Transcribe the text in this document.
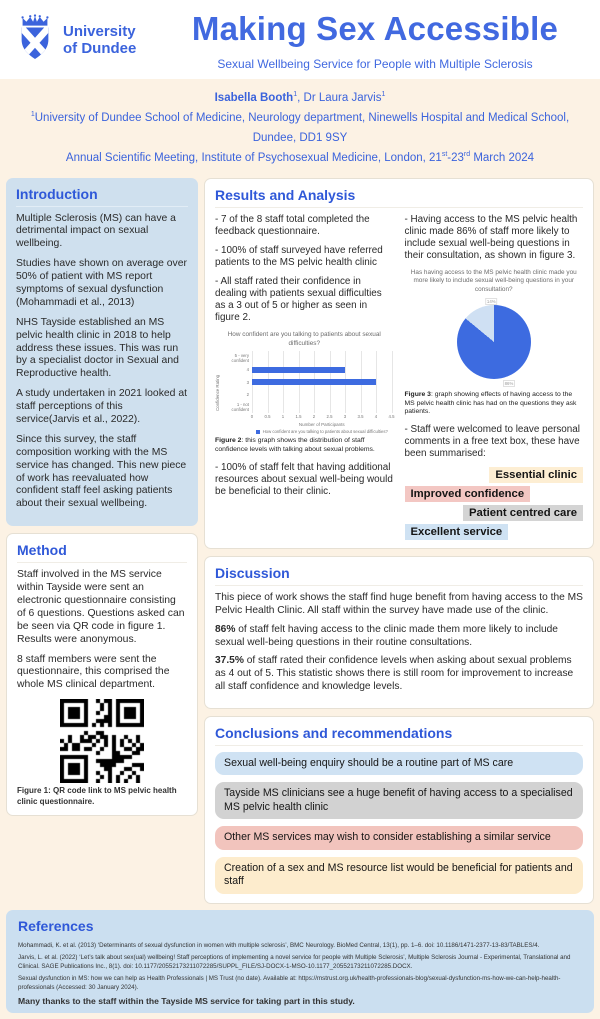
University
of Dundee
Making Sex Accessible
Sexual Wellbeing Service for People with Multiple Sclerosis
Isabella Booth$^1$, Dr Laura Jarvis$^1$
$^1$University of Dundee School of Medicine, Neurology department, Ninewells Hospital and Medical School, Dundee, DD1 9SY
Annual Scientific Meeting, Institute of Psychosexual Medicine, London, 21st-23rd March 2024
Introduction

Multiple Sclerosis (MS) can have a detrimental impact on sexual wellbeing.

Studies have shown on average over 50% of patient with MS report symptoms of sexual dysfunction (Mohammadi et al., 2013)

NHS Tayside established an MS pelvic health clinic in 2018 to help address these issues. This was run by a specialist doctor in Sexual and Reproductive health.

A study undertaken in 2021 looked at staff perceptions of this service(Jarvis et al., 2022).

Since this survey, the staff composition working with the MS service has changed. This new piece of work has reevaluated how confident staff feel asking patients about their sexual wellbeing.

Method

Staff involved in the MS service within Tayside were sent an electronic questionnaire consisting of 6 questions. Questions asked can be seen via QR code in figure 1. Results were anonymous.

8 staff members were sent the questionnaire, this comprised the whole MS clinical department.

Figure 1: QR code link to MS pelvic health clinic questionnaire.
Results and Analysis

- 7 of the 8 staff total completed the feedback questionnaire.

- 100% of staff surveyed have referred patients to the MS pelvic health clinic

- All staff rated their confidence in dealing with patients sexual difficulties as a 3 out of 5 or higher as seen in figure 2.

How confident are you talking to patients about sexual difficulties?
Confidence Rating
5 - very confident
4
3
2
1 - not confident
0	0.5	1	1.5	2	2.5	3	3.5	4	4.5
Number of Participants
How confident are you talking to patients about sexual difficulties?

Figure 2: this graph shows the distribution of staff confidence levels with talking about sexual problems.

- 100% of staff felt that having additional resources about sexual well-being would be beneficial to their clinic.

- Having access to the MS pelvic health clinic made 86% of staff more likely to include sexual well-being questions in their consultation, as shown in figure 3.

Has having access to the MS pelvic health clinic made you more likely to include sexual well-being questions in your consultation?
14%
86%

Figure 3: graph showing effects of having access to the MS pelvic health clinic has had on the questions they ask patients.

- Staff were welcomed to leave personal comments in a free text box, these have been summarised:

Essential clinic
Improved confidence
Patient centred care
Excellent service
Discussion

This piece of work shows the staff find huge benefit from having access to the MS Pelvic Health Clinic. All staff within the survey have made use of the clinic.

86% of staff felt having access to the clinic made them more likely to include sexual well-being questions in their routine consultations.

37.5% of staff rated their confidence levels when asking about sexual problems as 4 out of 5. This statistic shows there is still room for improvement to increase all staff confidence and knowledge levels.

Conclusions and recommendations
Sexual well-being enquiry should be a routine part of MS care
Tayside MS clinicians see a huge benefit of having access to a specialised MS pelvic health clinic
Other MS services may wish to consider establishing a similar service
Creation of a sex and MS resource list would be beneficial for patients and staff
References

Mohammadi, K. et al. (2013) ‘Determinants of sexual dysfunction in women with multiple sclerosis’, BMC Neurology. BioMed Central, 13(1), pp. 1–6. doi: 10.1186/1471-2377-13-83/TABLES/4.

Jarvis, L. et al. (2022) ‘Let’s talk about sex(ual) wellbeing! Staff perceptions of implementing a novel service for people with Multiple Sclerosis’, Multiple Sclerosis Journal - Experimental, Translational and Clinical. SAGE Publications Inc., 8(1). doi: 10.1177/20552173211072285/SUPPL_FILE/SJ-DOCX-1-MSO-10.1177_20552173211072285.DOCX.

Sexual dysfunction in MS: how we can help as Health Professionals | MS Trust (no date). Available at: https://mstrust.org.uk/health-professionals-blog/sexual-dysfunction-ms-how-we-can-help-health-professionals (Accessed: 30 January 2024).

Many thanks to the staff within the Tayside MS service for taking part in this study.
